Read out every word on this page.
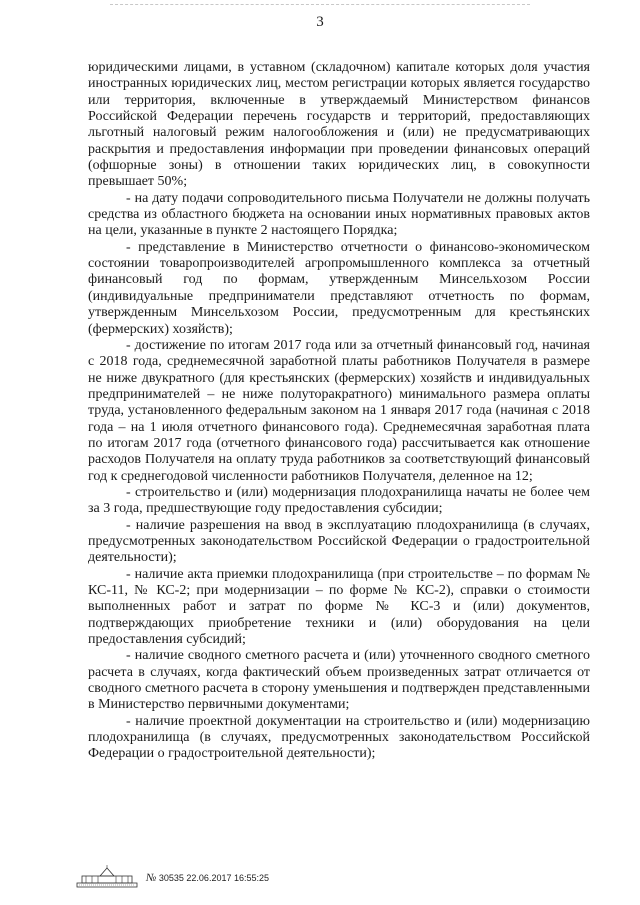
3

юридическими лицами, в уставном (складочном) капитале которых доля участия иностранных юридических лиц, местом регистрации которых является государство или территория, включенные в утверждаемый Министерством финансов Российской Федерации перечень государств и территорий, предоставляющих льготный налоговый режим налогообложения и (или) не предусматривающих раскрытия и предоставления информации при проведении финансовых операций (офшорные зоны) в отношении таких юридических лиц, в совокупности превышает 50%;

- на дату подачи сопроводительного письма Получатели не должны получать средства из областного бюджета на основании иных нормативных правовых актов на цели, указанные в пункте 2 настоящего Порядка;

- представление в Министерство отчетности о финансово-экономическом состоянии товаропроизводителей агропромышленного комплекса за отчетный финансовый год по формам, утвержденным Минсельхозом России (индивидуальные предприниматели представляют отчетность по формам, утвержденным Минсельхозом России, предусмотренным для крестьянских (фермерских) хозяйств);

- достижение по итогам 2017 года или за отчетный финансовый год, начиная с 2018 года, среднемесячной заработной платы работников Получателя в размере не ниже двукратного (для крестьянских (фермерских) хозяйств и индивидуальных предпринимателей – не ниже полуторакратного) минимального размера оплаты труда, установленного федеральным законом на 1 января 2017 года (начиная с 2018 года – на 1 июля отчетного финансового года). Среднемесячная заработная плата по итогам 2017 года (отчетного финансового года) рассчитывается как отношение расходов Получателя на оплату труда работников за соответствующий финансовый год к среднегодовой численности работников Получателя, деленное на 12;

- строительство и (или) модернизация плодохранилища начаты не более чем за 3 года, предшествующие году предоставления субсидии;

- наличие разрешения на ввод в эксплуатацию плодохранилища (в случаях, предусмотренных законодательством Российской Федерации о градостроительной деятельности);

- наличие акта приемки плодохранилища (при строительстве – по формам № КС-11, № КС-2; при модернизации – по форме № КС-2), справки о стоимости выполненных работ и затрат по форме № КС-3 и (или) документов, подтверждающих приобретение техники и (или) оборудования на цели предоставления субсидий;

- наличие сводного сметного расчета и (или) уточненного сводного сметного расчета в случаях, когда фактический объем произведенных затрат отличается от сводного сметного расчета в сторону уменьшения и подтвержден представленными в Министерство первичными документами;

- наличие проектной документации на строительство и (или) модернизацию плодохранилища (в случаях, предусмотренных законодательством Российской Федерации о градостроительной деятельности);

№ 30535 22.06.2017 16:55:25
